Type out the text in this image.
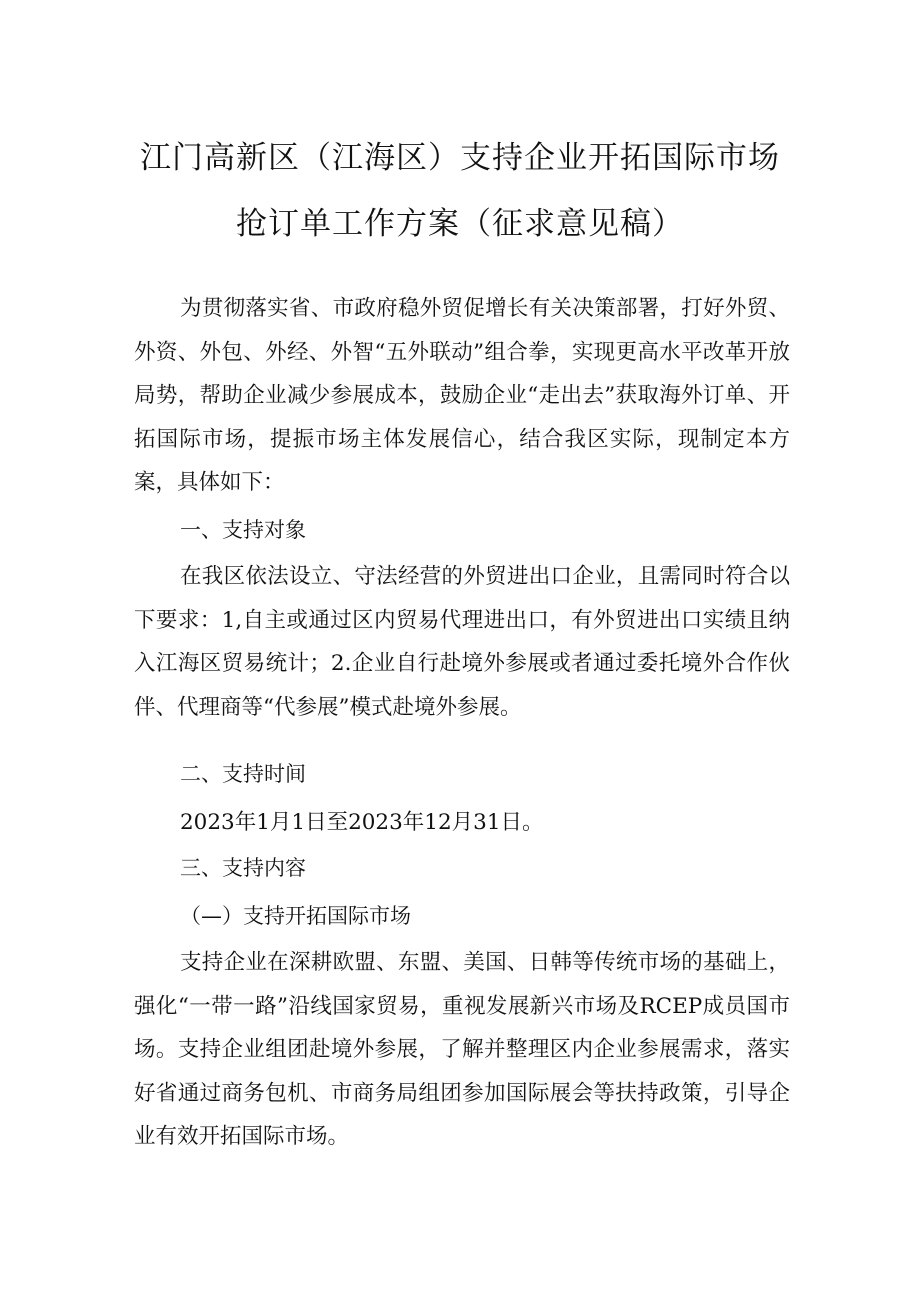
江门高新区（江海区）支持企业开拓国际市场
抢订单工作方案（征求意见稿）

为贯彻落实省、市政府稳外贸促增长有关决策部署，打好外贸、外资、外包、外经、外智“五外联动”组合拳，实现更高水平改革开放局势，帮助企业减少参展成本，鼓励企业“走出去”获取海外订单、开拓国际市场，提振市场主体发展信心，结合我区实际，现制定本方案，具体如下：

一、支持对象

在我区依法设立、守法经营的外贸进出口企业，且需同时符合以下要求：1,自主或通过区内贸易代理进出口，有外贸进出口实绩且纳入江海区贸易统计；2.企业自行赴境外参展或者通过委托境外合作伙伴、代理商等“代参展”模式赴境外参展。

二、支持时间

2023年1月1日至2023年12月31日。

三、支持内容

（—）支持开拓国际市场

支持企业在深耕欧盟、东盟、美国、日韩等传统市场的基础上，强化“一带一路”沿线国家贸易，重视发展新兴市场及RCEP成员国市场。支持企业组团赴境外参展，了解并整理区内企业参展需求，落实好省通过商务包机、市商务局组团参加国际展会等扶持政策，引导企业有效开拓国际市场。
